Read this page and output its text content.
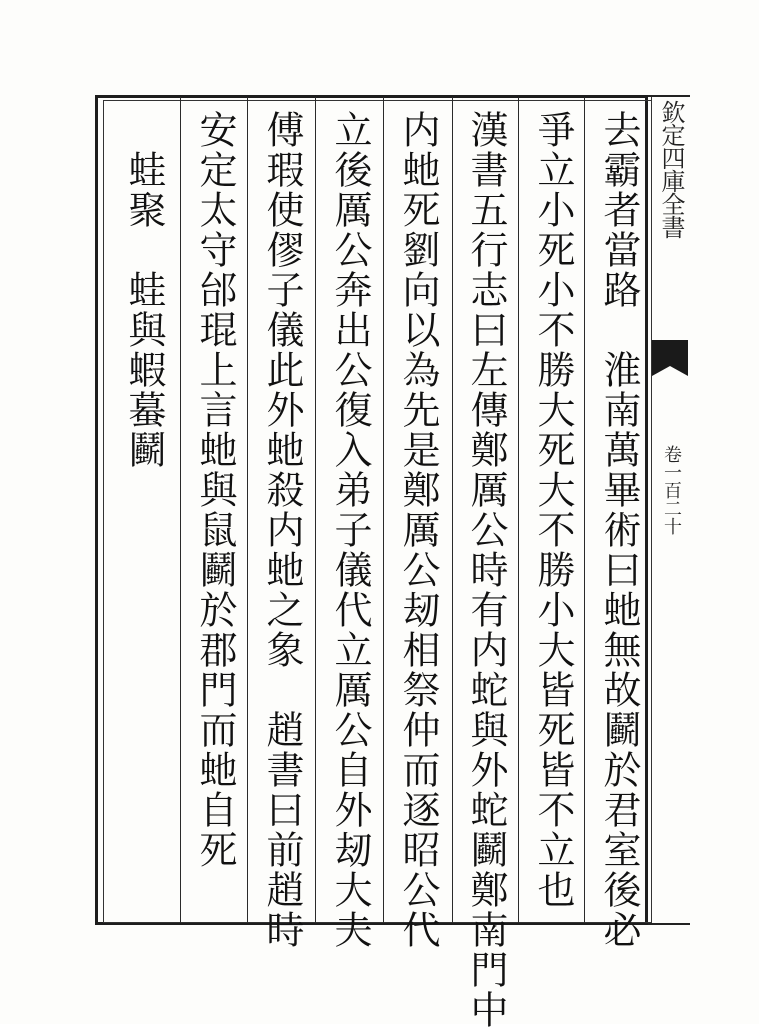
去霸者當路　淮南萬畢術曰虵無故鬬於君室後必
爭立小死小不勝大死大不勝小大皆死皆不立也
漢書五行志曰左傳鄭厲公時有内蛇與外蛇鬬鄭南門中
内虵死劉向以為先是鄭厲公刼相祭仲而逐昭公代
立後厲公奔出公復入弟子儀代立厲公自外刼大夫
傅瑕使僇子儀此外虵殺内虵之象　趙書曰前趙時
安定太守邰琨上言虵與鼠鬬於郡門而虵自死
　蛙聚　蛙與蝦蟇鬬	欽定四庫全書
卷一百二十
